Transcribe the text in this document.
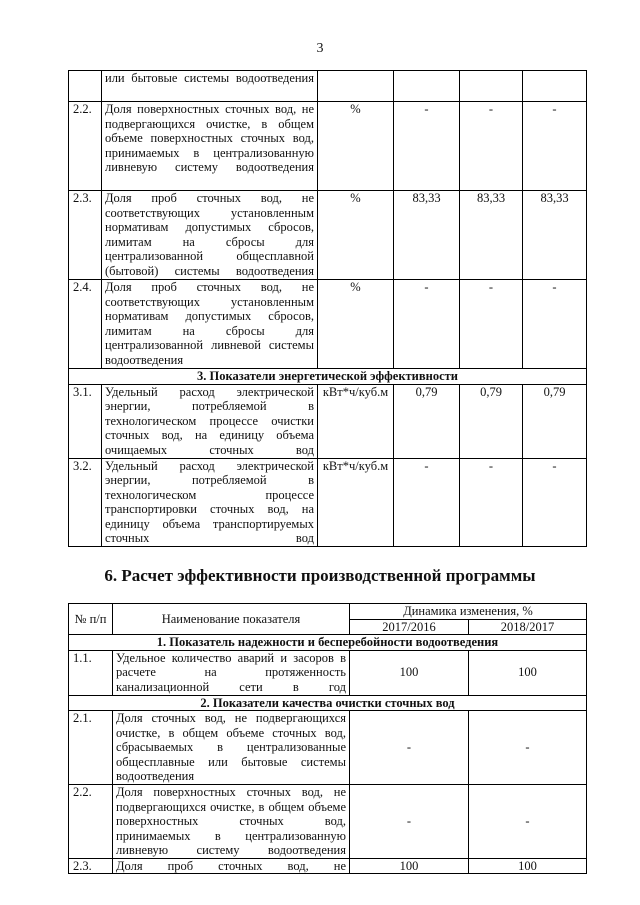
3
	или бытовые системы водоотведения				
2.2.	Доля поверхностных сточных вод, не подвергающихся очистке, в общем объеме поверхностных сточных вод, принимаемых в централизованную ливневую систему водоотведения	%	-	-	-
2.3.	Доля проб сточных вод, не соответствующих установленным нормативам допустимых сбросов, лимитам на сбросы для централизованной общесплавной (бытовой) системы водоотведения	%	83,33	83,33	83,33
2.4.	Доля проб сточных вод, не соответствующих установленным нормативам допустимых сбросов, лимитам на сбросы для централизованной ливневой системы водоотведения	%	-	-	-
3. Показатели энергетической эффективности					
3.1.	Удельный расход электрической энергии, потребляемой в технологическом процессе очистки сточных вод, на единицу объема очищаемых сточных вод	кВт*ч/куб.м	0,79	0,79	0,79
3.2.	Удельный расход электрической энергии, потребляемой в технологическом процессе транспортировки сточных вод, на единицу объема транспортируемых сточных вод	кВт*ч/куб.м	-	-	-
6. Расчет эффективности производственной программы
№ п/п	Наименование показателя	Динамика изменения, %	
		2017/2016	2018/2017
1. Показатель надежности и бесперебойности водоотведения			
1.1.	Удельное количество аварий и засоров в расчете на протяженность канализационной сети в год	100	100
2. Показатели качества очистки сточных вод			
2.1.	Доля сточных вод, не подвергающихся очистке, в общем объеме сточных вод, сбрасываемых в централизованные общесплавные или бытовые системы водоотведения	-	-
2.2.	Доля поверхностных сточных вод, не подвергающихся очистке, в общем объеме поверхностных сточных вод, принимаемых в централизованную ливневую систему водоотведения	-	-
2.3.	Доля проб сточных вод, не	100	100
